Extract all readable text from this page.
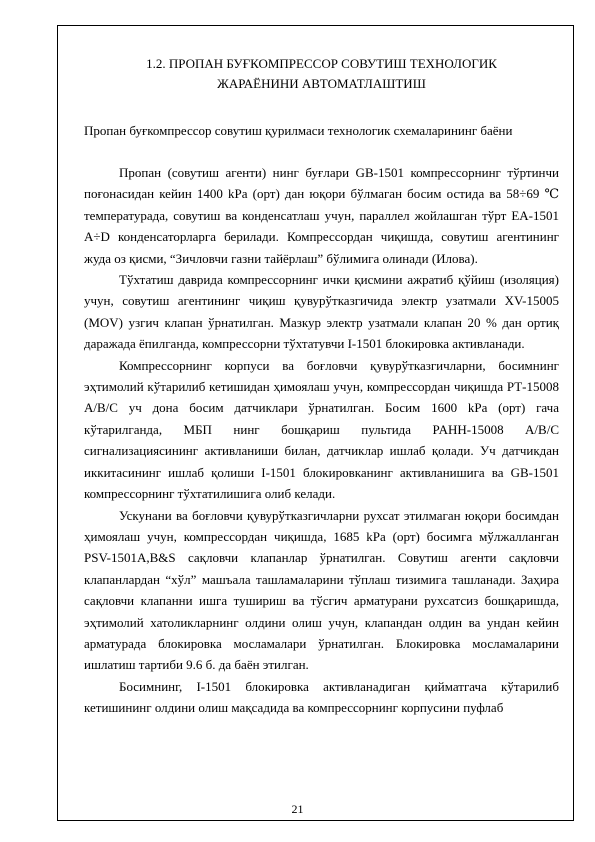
1.2. ПРОПАН БУҒКОМПРЕССОР СОВУТИШ ТЕХНОЛОГИК
ЖАРАЁНИНИ АВТОМАТЛАШТИШ
Пропан буғкомпрессор совутиш қурилмаси технологик схемаларининг баёни

Пропан (совутиш агенти) нинг буғлари GB-1501 компрессорнинг тўртинчи поғонасидан кейин 1400 kPa (орт) дан юқори бўлмаган босим остида ва 58÷69 ℃ температурада, совутиш ва конденсатлаш учун, параллел жойлашган тўрт ЕА-1501 А÷D конденсаторларга берилади. Компрессордан чиқишда, совутиш агентининг жуда оз қисми, “Зичловчи газни тайёрлаш” бўлимига олинади (Илова).

Тўхтатиш даврида компрессорнинг ички қисмини ажратиб қўйиш (изоляция) учун, совутиш агентининг чиқиш қувурўтказгичида электр узатмали ХV-15005 (MOV) узгич клапан ўрнатилган. Мазкур электр узатмали клапан 20 % дан ортиқ даражада ёпилганда, компрессорни тўхтатувчи I-1501 блокировка активланади.

Компрессорнинг корпуси ва боғловчи қувурўтказгичларни, босимнинг эҳтимолий кўтарилиб кетишидан ҳимоялаш учун, компрессордан чиқишда РТ-15008 А/В/С уч дона босим датчиклари ўрнатилган. Босим 1600 kPa (орт) гача кўтарилганда, МБП нинг бошқариш пультида PAHH-15008 А/В/С сигнализациясининг активланиши билан, датчиклар ишлаб қолади. Уч датчикдан иккитасининг ишлаб қолиши I-1501 блокировканинг активланишига ва GB-1501 компрессорнинг тўхтатилишига олиб келади.

Ускунани ва боғловчи қувурўтказгичларни рухсат этилмаган юқори босимдан ҳимоялаш учун, компрессордан чиқишда, 1685 kPa (орт) босимга мўлжалланган PSV-1501А,В&S сақловчи клапанлар ўрнатилган. Совутиш агенти сақловчи клапанлардан “хўл” машъала ташламаларини тўплаш тизимига ташланади. Заҳира сақловчи клапанни ишга тушириш ва тўсгич арматурани рухсатсиз бошқаришда, эҳтимолий хатоликларнинг олдини олиш учун, клапандан олдин ва ундан кейин арматурада блокировка мосламалари ўрнатилган. Блокировка мосламаларини ишлатиш тартиби 9.6 б. да баён этилган.

Босимнинг, I-1501 блокировка активланадиган қийматгача кўтарилиб кетишининг олдини олиш мақсадида ва компрессорнинг корпусини пуфлаб

21
